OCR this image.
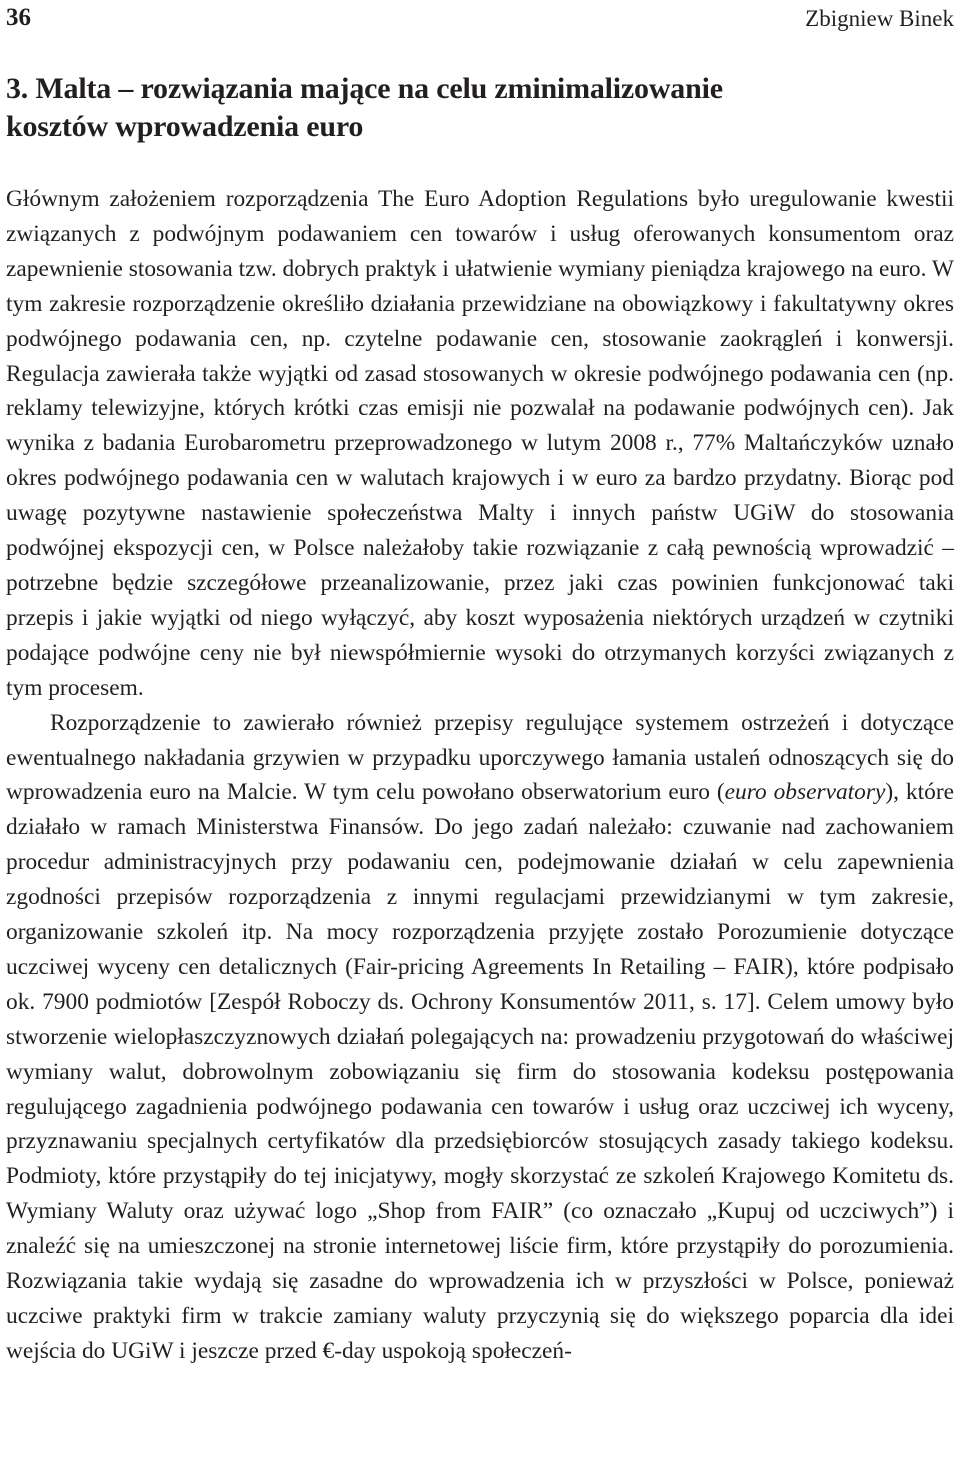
36	Zbigniew Binek
3. Malta – rozwiązania mające na celu zminimalizowanie
kosztów wprowadzenia euro

Głównym założeniem rozporządzenia The Euro Adoption Regulations było uregulowanie kwestii związanych z podwójnym podawaniem cen towarów i usług oferowanych konsumentom oraz zapewnienie stosowania tzw. dobrych praktyk i ułatwienie wymiany pieniądza krajowego na euro. W tym zakresie rozporządzenie określiło działania przewidziane na obowiązkowy i fakultatywny okres podwójnego podawania cen, np. czytelne podawanie cen, stosowanie zaokrągleń i konwersji. Regulacja zawierała także wyjątki od zasad stosowanych w okresie podwójnego podawania cen (np. reklamy telewizyjne, których krótki czas emisji nie pozwalał na podawanie podwójnych cen). Jak wynika z badania Eurobarometru przeprowadzonego w lutym 2008 r., 77% Maltańczyków uznało okres podwójnego podawania cen w walutach krajowych i w euro za bardzo przydatny. Biorąc pod uwagę pozytywne nastawienie społeczeństwa Malty i innych państw UGiW do stosowania podwójnej ekspozycji cen, w Polsce należałoby takie rozwiązanie z całą pewnością wprowadzić – potrzebne będzie szczegółowe przeanalizowanie, przez jaki czas powinien funkcjonować taki przepis i jakie wyjątki od niego wyłączyć, aby koszt wyposażenia niektórych urządzeń w czytniki podające podwójne ceny nie był niewspółmiernie wysoki do otrzymanych korzyści związanych z tym procesem.

Rozporządzenie to zawierało również przepisy regulujące systemem ostrzeżeń i dotyczące ewentualnego nakładania grzywien w przypadku uporczywego łamania ustaleń odnoszących się do wprowadzenia euro na Malcie. W tym celu powołano obserwatorium euro (euro observatory), które działało w ramach Ministerstwa Finansów. Do jego zadań należało: czuwanie nad zachowaniem procedur administracyjnych przy podawaniu cen, podejmowanie działań w celu zapewnienia zgodności przepisów rozporządzenia z innymi regulacjami przewidzianymi w tym zakresie, organizowanie szkoleń itp. Na mocy rozporządzenia przyjęte zostało Porozumienie dotyczące uczciwej wyceny cen detalicznych (Fair-pricing Agreements In Retailing – FAIR), które podpisało ok. 7900 podmiotów [Zespół Roboczy ds. Ochrony Konsumentów 2011, s. 17]. Celem umowy było stworzenie wielopłaszczyznowych działań polegających na: prowadzeniu przygotowań do właściwej wymiany walut, dobrowolnym zobowiązaniu się firm do stosowania kodeksu postępowania regulującego zagadnienia podwójnego podawania cen towarów i usług oraz uczciwej ich wyceny, przyznawaniu specjalnych certyfikatów dla przedsiębiorców stosujących zasady takiego kodeksu. Podmioty, które przystąpiły do tej inicjatywy, mogły skorzystać ze szkoleń Krajowego Komitetu ds. Wymiany Waluty oraz używać logo „Shop from FAIR” (co oznaczało „Kupuj od uczciwych”) i znaleźć się na umieszczonej na stronie internetowej liście firm, które przystąpiły do porozumienia. Rozwiązania takie wydają się zasadne do wprowadzenia ich w przyszłości w Polsce, ponieważ uczciwe praktyki firm w trakcie zamiany waluty przyczynią się do większego poparcia dla idei wejścia do UGiW i jeszcze przed €-day uspokoją społeczeń-
